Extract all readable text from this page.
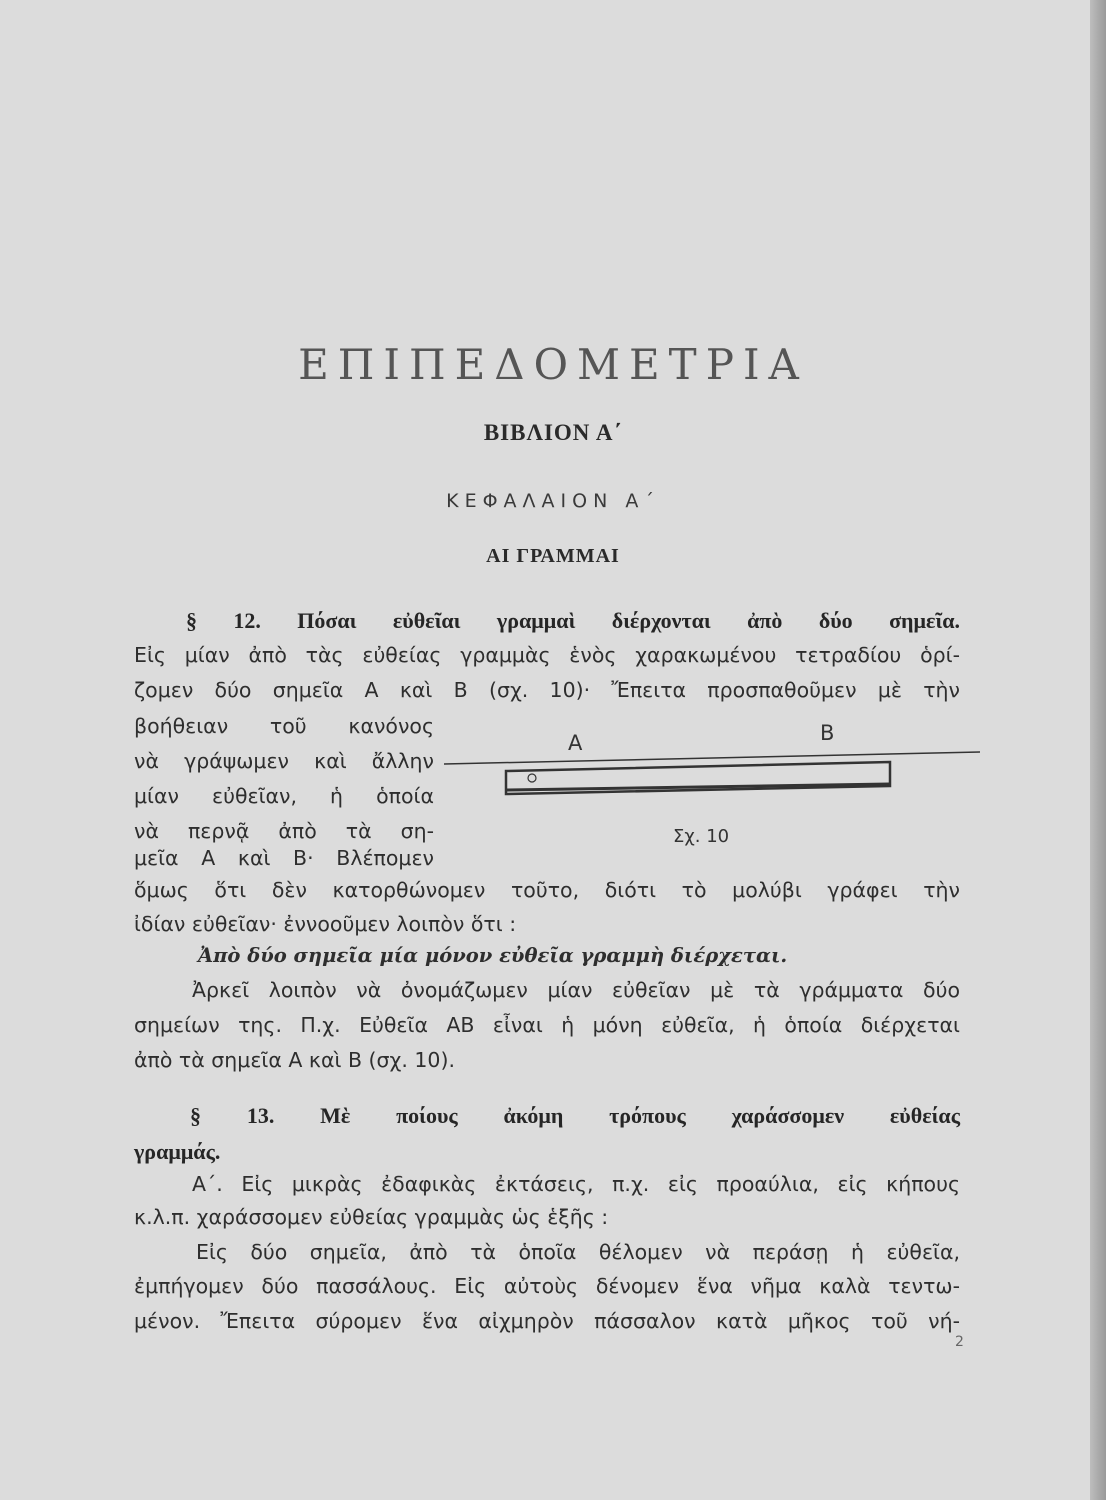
ΕΠΙΠΕΔΟΜΕΤΡΙΑ
ΒΙΒΛΙΟΝ Α΄
ΚΕΦΑΛΑΙΟΝ Α΄
ΑΙ ΓΡΑΜΜΑΙ
§ 12. Πόσαι εὐθεῖαι γραμμαὶ διέρχονται ἀπὸ δύο σημεῖα.
Εἰς μίαν ἀπὸ τὰς εὐθείας γραμμὰς ἑνὸς χαρακωμένου τετραδίου ὁρί-
ζομεν δύο σημεῖα Α καὶ Β (σχ. 10)· Ἔπειτα προσπαθοῦμεν μὲ τὴν
βοήθειαν τοῦ κανόνος
νὰ γράψωμεν καὶ ἄλλην
μίαν εὐθεῖαν, ἡ ὁποία
νὰ περνᾷ ἀπὸ τὰ ση-
μεῖα Α καὶ Β· Βλέπομεν
A	B
Σχ. 10
ὅμως ὅτι δὲν κατορθώνομεν τοῦτο, διότι τὸ μολύβι γράφει τὴν
ἰδίαν εὐθεῖαν· ἐννοοῦμεν λοιπὸν ὅτι :
Ἀπὸ δύο σημεῖα μία μόνον εὐθεῖα γραμμὴ διέρχεται.
Ἀρκεῖ λοιπὸν νὰ ὀνομάζωμεν μίαν εὐθεῖαν μὲ τὰ γράμματα δύο
σημείων της. Π.χ. Εὐθεῖα ΑΒ εἶναι ἡ μόνη εὐθεῖα, ἡ ὁποία διέρχεται
ἀπὸ τὰ σημεῖα Α καὶ Β (σχ. 10).
§ 13. Μὲ ποίους ἀκόμη τρόπους χαράσσομεν εὐθείας
γραμμάς.
Α΄. Εἰς μικρὰς ἐδαφικὰς ἐκτάσεις, π.χ. εἰς προαύλια, εἰς κήπους
κ.λ.π. χαράσσομεν εὐθείας γραμμὰς ὡς ἑξῆς :
Εἰς δύο σημεῖα, ἀπὸ τὰ ὁποῖα θέλομεν νὰ περάσῃ ἡ εὐθεῖα,
ἐμπήγομεν δύο πασσάλους. Εἰς αὐτοὺς δένομεν ἕνα νῆμα καλὰ τεντω-
μένον. Ἔπειτα σύρομεν ἕνα αἰχμηρὸν πάσσαλον κατὰ μῆκος τοῦ νή-
2
